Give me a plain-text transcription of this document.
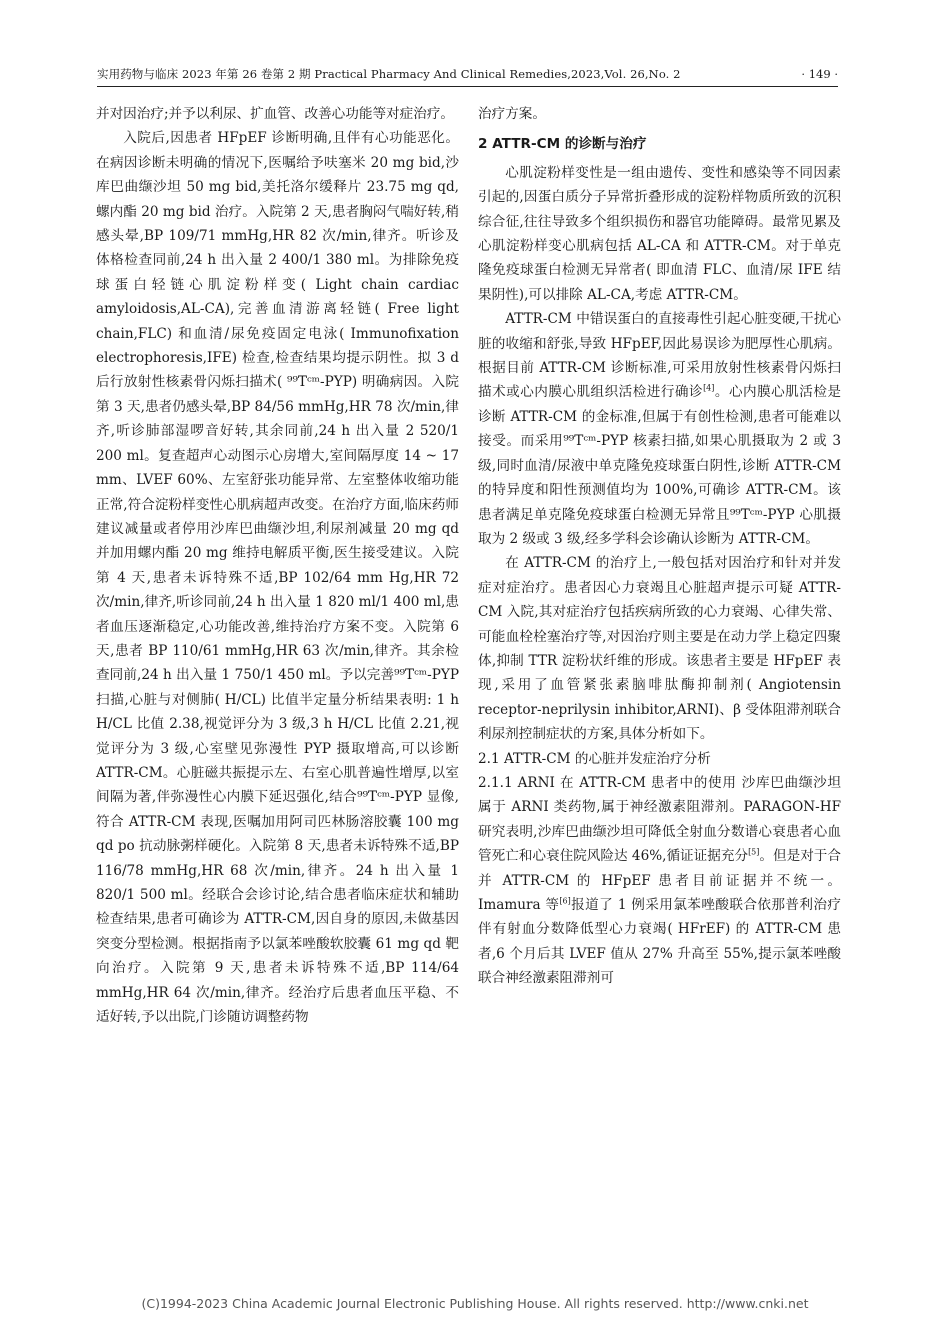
实用药物与临床 2023 年第 26 卷第 2 期 Practical Pharmacy And Clinical Remedies,2023,Vol. 26,No. 2	· 149 ·

并对因治疗;并予以利尿、扩血管、改善心功能等对症治疗。

入院后,因患者 HFpEF 诊断明确,且伴有心功能恶化。在病因诊断未明确的情况下,医嘱给予呋塞米 20 mg bid,沙库巴曲缬沙坦 50 mg bid,美托洛尔缓释片 23.75 mg qd,螺内酯 20 mg bid 治疗。入院第 2 天,患者胸闷气喘好转,稍感头晕,BP 109/71 mmHg,HR 82 次/min,律齐。听诊及体格检查同前,24 h 出入量 2 400/1 380 ml。为排除免疫球蛋白轻链心肌淀粉样变( Light chain cardiac amyloidosis,AL-CA),完善血清游离轻链( Free light chain,FLC) 和血清/尿免疫固定电泳( Immunofixation electrophoresis,IFE) 检查,检查结果均提示阴性。拟 3 d 后行放射性核素骨闪烁扫描术( ⁹⁹Tᶜᵐ-PYP) 明确病因。入院第 3 天,患者仍感头晕,BP 84/56 mmHg,HR 78 次/min,律齐,听诊肺部湿啰音好转,其余同前,24 h 出入量 2 520/1 200 ml。复查超声心动图示心房增大,室间隔厚度 14 ~ 17 mm、LVEF 60%、左室舒张功能异常、左室整体收缩功能正常,符合淀粉样变性心肌病超声改变。在治疗方面,临床药师建议减量或者停用沙库巴曲缬沙坦,利尿剂减量 20 mg qd 并加用螺内酯 20 mg 维持电解质平衡,医生接受建议。入院第 4 天,患者未诉特殊不适,BP 102/64 mm Hg,HR 72 次/min,律齐,听诊同前,24 h 出入量 1 820 ml/1 400 ml,患者血压逐渐稳定,心功能改善,维持治疗方案不变。入院第 6 天,患者 BP 110/61 mmHg,HR 63 次/min,律齐。其余检查同前,24 h 出入量 1 750/1 450 ml。予以完善⁹⁹Tᶜᵐ-PYP 扫描,心脏与对侧肺( H/CL) 比值半定量分析结果表明: 1 h H/CL 比值 2.38,视觉评分为 3 级,3 h H/CL 比值 2.21,视觉评分为 3 级,心室壁见弥漫性 PYP 摄取增高,可以诊断 ATTR-CM。心脏磁共振提示左、右室心肌普遍性增厚,以室间隔为著,伴弥漫性心内膜下延迟强化,结合⁹⁹Tᶜᵐ-PYP 显像,符合 ATTR-CM 表现,医嘱加用阿司匹林肠溶胶囊 100 mg qd po 抗动脉粥样硬化。入院第 8 天,患者未诉特殊不适,BP 116/78 mmHg,HR 68 次/min,律齐。24 h 出入量 1 820/1 500 ml。经联合会诊讨论,结合患者临床症状和辅助检查结果,患者可确诊为 ATTR-CM,因自身的原因,未做基因突变分型检测。根据指南予以氯苯唑酸软胶囊 61 mg qd 靶向治疗。入院第 9 天,患者未诉特殊不适,BP 114/64 mmHg,HR 64 次/min,律齐。经治疗后患者血压平稳、不适好转,予以出院,门诊随访调整药物

治疗方案。

2 ATTR-CM 的诊断与治疗

心肌淀粉样变性是一组由遗传、变性和感染等不同因素引起的,因蛋白质分子异常折叠形成的淀粉样物质所致的沉积综合征,往往导致多个组织损伤和器官功能障碍。最常见累及心肌淀粉样变心肌病包括 AL-CA 和 ATTR-CM。对于单克隆免疫球蛋白检测无异常者( 即血清 FLC、血清/尿 IFE 结果阴性),可以排除 AL-CA,考虑 ATTR-CM。

ATTR-CM 中错误蛋白的直接毒性引起心脏变硬,干扰心脏的收缩和舒张,导致 HFpEF,因此易误诊为肥厚性心肌病。根据目前 ATTR-CM 诊断标准,可采用放射性核素骨闪烁扫描术或心内膜心肌组织活检进行确诊[4]。心内膜心肌活检是诊断 ATTR-CM 的金标准,但属于有创性检测,患者可能难以接受。而采用⁹⁹Tᶜᵐ-PYP 核素扫描,如果心肌摄取为 2 或 3 级,同时血清/尿液中单克隆免疫球蛋白阴性,诊断 ATTR-CM 的特异度和阳性预测值均为 100%,可确诊 ATTR-CM。该患者满足单克隆免疫球蛋白检测无异常且⁹⁹Tᶜᵐ-PYP 心肌摄取为 2 级或 3 级,经多学科会诊确认诊断为 ATTR-CM。

在 ATTR-CM 的治疗上,一般包括对因治疗和针对并发症对症治疗。患者因心力衰竭且心脏超声提示可疑 ATTR-CM 入院,其对症治疗包括疾病所致的心力衰竭、心律失常、可能血栓栓塞治疗等,对因治疗则主要是在动力学上稳定四聚体,抑制 TTR 淀粉状纤维的形成。该患者主要是 HFpEF 表现,采用了血管紧张素脑啡肽酶抑制剂( Angiotensin receptor-neprilysin inhibitor,ARNI)、β 受体阻滞剂联合利尿剂控制症状的方案,具体分析如下。

2.1 ATTR-CM 的心脏并发症治疗分析

2.1.1 ARNI 在 ATTR-CM 患者中的使用 沙库巴曲缬沙坦属于 ARNI 类药物,属于神经激素阻滞剂。PARAGON-HF 研究表明,沙库巴曲缬沙坦可降低全射血分数谱心衰患者心血管死亡和心衰住院风险达 46%,循证证据充分[5]。但是对于合并 ATTR-CM 的 HFpEF 患者目前证据并不统一。Imamura 等[6]报道了 1 例采用氯苯唑酸联合依那普利治疗伴有射血分数降低型心力衰竭( HFrEF) 的 ATTR-CM 患者,6 个月后其 LVEF 值从 27% 升高至 55%,提示氯苯唑酸联合神经激素阻滞剂可

(C)1994-2023 China Academic Journal Electronic Publishing House. All rights reserved. http://www.cnki.net
